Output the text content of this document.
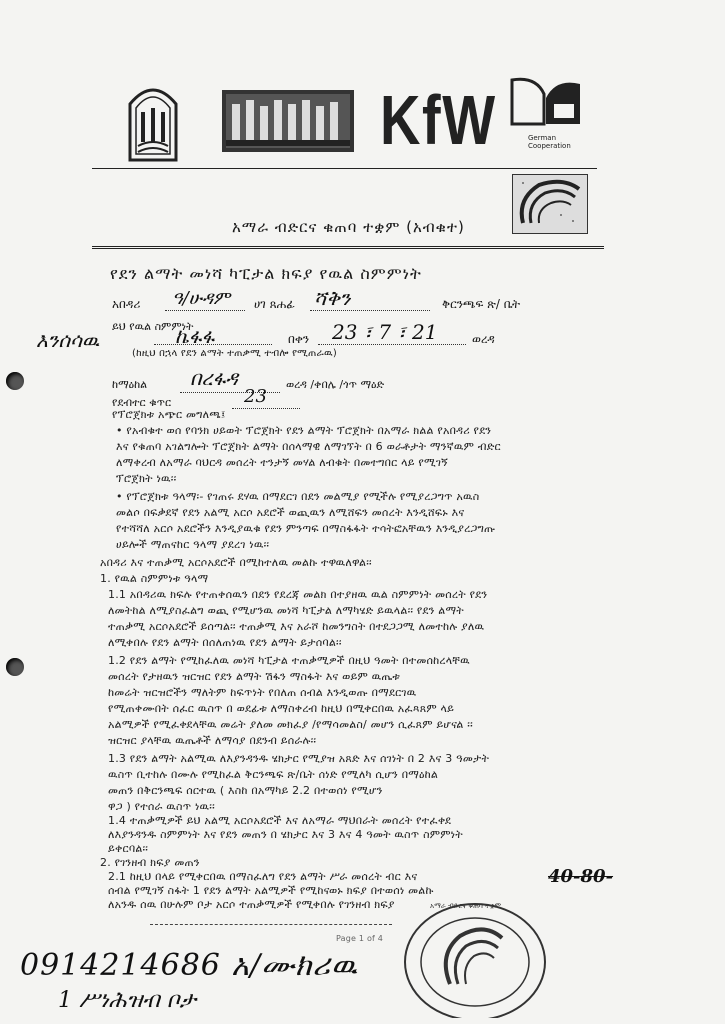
KfW	German Cooperation
አማራ ብድርና ቁጠባ ተቋም (አብቁተ)
የደን ልማት መነሻ ካፒታል ክፍያ የዉል ስምምነት
አበዳሪ ዓ/ሁዳም ሀገ ጸሐፊ ሻቅን	ቅርንጫፍ ጽ/ ቤት
ይህ የዉል ስምምነት
እንሰሳዉ	ኬፋፋ	በቀን 23 ፣ 7 ፣ 21	ወረዳ
(ከዚህ በኋላ የደን ልማት ተጠቃሚ ተብሎ የሚጠራዉ)
ከማዕከል በረፋዳ	ወረዳ /ቀበሌ /ጎጥ ማዕድ
የደብተር ቁጥር	23
የፕሮጀክቱ አጭር መግለጫ፤
• የአብቁተ ወሰ የባንክ ሀይወት ፕሮጀክት የደን ልማት ፕሮጀክት በአማራ ክልል የአበዳሪ የደን
እና የቁጠባ አገልግሎት ፕሮጀክት ልማት በሰላማዊ ለማገኘት በ 6 ወራቶታት ማንኛዉም ብድር
ለማቀረብ ለአማራ ባህርዳ መሰረት ተንታኝ መሃል ለብቁት በመተግበር ላይ የሚገኝ
ፕሮጀክት ነዉ፡፡
• የፕሮጀክቱ ዓላማ፡- የገጠሩ ደሃዉ በማደርገ በደን መልሚያ የሚችሉ የሚያረጋግጥ አዉስ
መልሶ በፍቃደኛ የደን አልሚ አርሶ አደሮች ወጪዉን ለሚሸፍን መሰረት እንዲሸፍኑ እና
የተሻሻለ አርሶ አደሮችን እንዲያዉቁ የደን ምንጣፍ በማስፋፋት ተሳትፎአቸዉን እንዲያረጋግጡ
ሀይሎች ማጠናከር ዓላማ ያደረገ ነዉ፡፡
አበዳሪ እና ተጠቃሚ አርሶአደሮች በሚከተለዉ መልኩ ተዋዉለዋል፡፡
1. የዉል ስምምነቱ ዓላማ
1.1 አበዳሪዉ ክፍሉ የተጠቀሰዉን በደን የደረጃ መልክ በተያዘዉ ዉል ስምምነት መሰረት የደን
ለመትከል ለሚያስፈልግ ወጪ የሚሆንዉ መነሻ ካፒታል ለማካሄድ ይዉላል፡፡ የደን ልማት
ተጠቃሚ አርሶአደሮች ይሰጣል፡፡ ተጠቃሚ እና አራሾ ከመንግስት በተደጋጋሚ ለመተከሉ ያለዉ
ለሚቀበሉ የደን ልማት በሰለጠነዉ የደን ልማት ይታሰባል፡፡
1.2 የደን ልማት የሚከፈለዉ መነሻ ካፒታል ተጠቃሚዎች በዚህ ዓመት በተመሰከረላቸዉ
መሰረት የታዘዉን ዝርዝር የደን ልማት ሽፋን ማስፋት እና ወይም ዉጤቱ
ከመሬት ዝርዝሮችን ማለትም ከፍጥነት የበለጠ ሰብል እንዲወጡ በማደርገዉ
የሚጠቀሙበት ሰፈር ዉስጥ በ ወደፊቱ ለማስቀረብ ከዚህ በሚቀርበዉ አፈጻጸም ላይ
አልሚዎች የሚፈቀደላቸዉ መሬት ያለመ መክፈያ /የማሳመልስ/ መሆን ሲፈጸም ይሆናል ፡፡
ዝርዝር ያላቸዉ ዉጤቶች ለማሳያ በደንብ ይሰራሉ፡፡
1.3 የደን ልማት አልሚዉ ለእያንዳንዱ ሄክታር የሚያዝ አጸድ እና ሰገነት በ 2 እና 3 ዓመታት
ዉስጥ ቢተከሉ በሙሉ የሚከፈል ቅርንጫፍ ጽ/ቤት ሰነድ የሚለካ ሲሆን በማዕከል
መጠን በቅርንጫፍ ሰርተዉ ( እስከ በአማካይ 2.2 በተወሰነ የሚሆን
ዋጋ ) የተሰራ ዉስጥ ነዉ፡፡
1.4 ተጠቃሚዎች ይህ አልሚ አርሶአደሮች እና ለአማራ ማህበራት መሰረት የተፈቀደ
ለእያንዳንዱ ስምምነት እና የደን መጠን በ ሄክታር እና 3 እና 4 ዓመት ዉስጥ ስምምነት
ይቀርባል፡፡
2. የገንዘብ ክፍያ መጠን
2.1 ከዚህ በላይ የሚቀርበዉ በማስፈለግ የደን ልማት ሥራ መሰረት ብር እና
ሰብል የሚገኝ ስፋት 1 የደን ልማት አልሚዎች የሚከናወኑ ክፍያ በተወሰነ መልኩ
ለአንዱ ሰዉ በሁሉም ቦታ አርሶ ተጠቃሚዎች የሚቀበሉ የገንዘብ ክፍያ
40-80-
Page 1 of 4
አማራ ብድርና ቁጠባ ተቋም
0914214686 አ/ሙክሪዉ
1 ሥነሕዝብ ቦታ
